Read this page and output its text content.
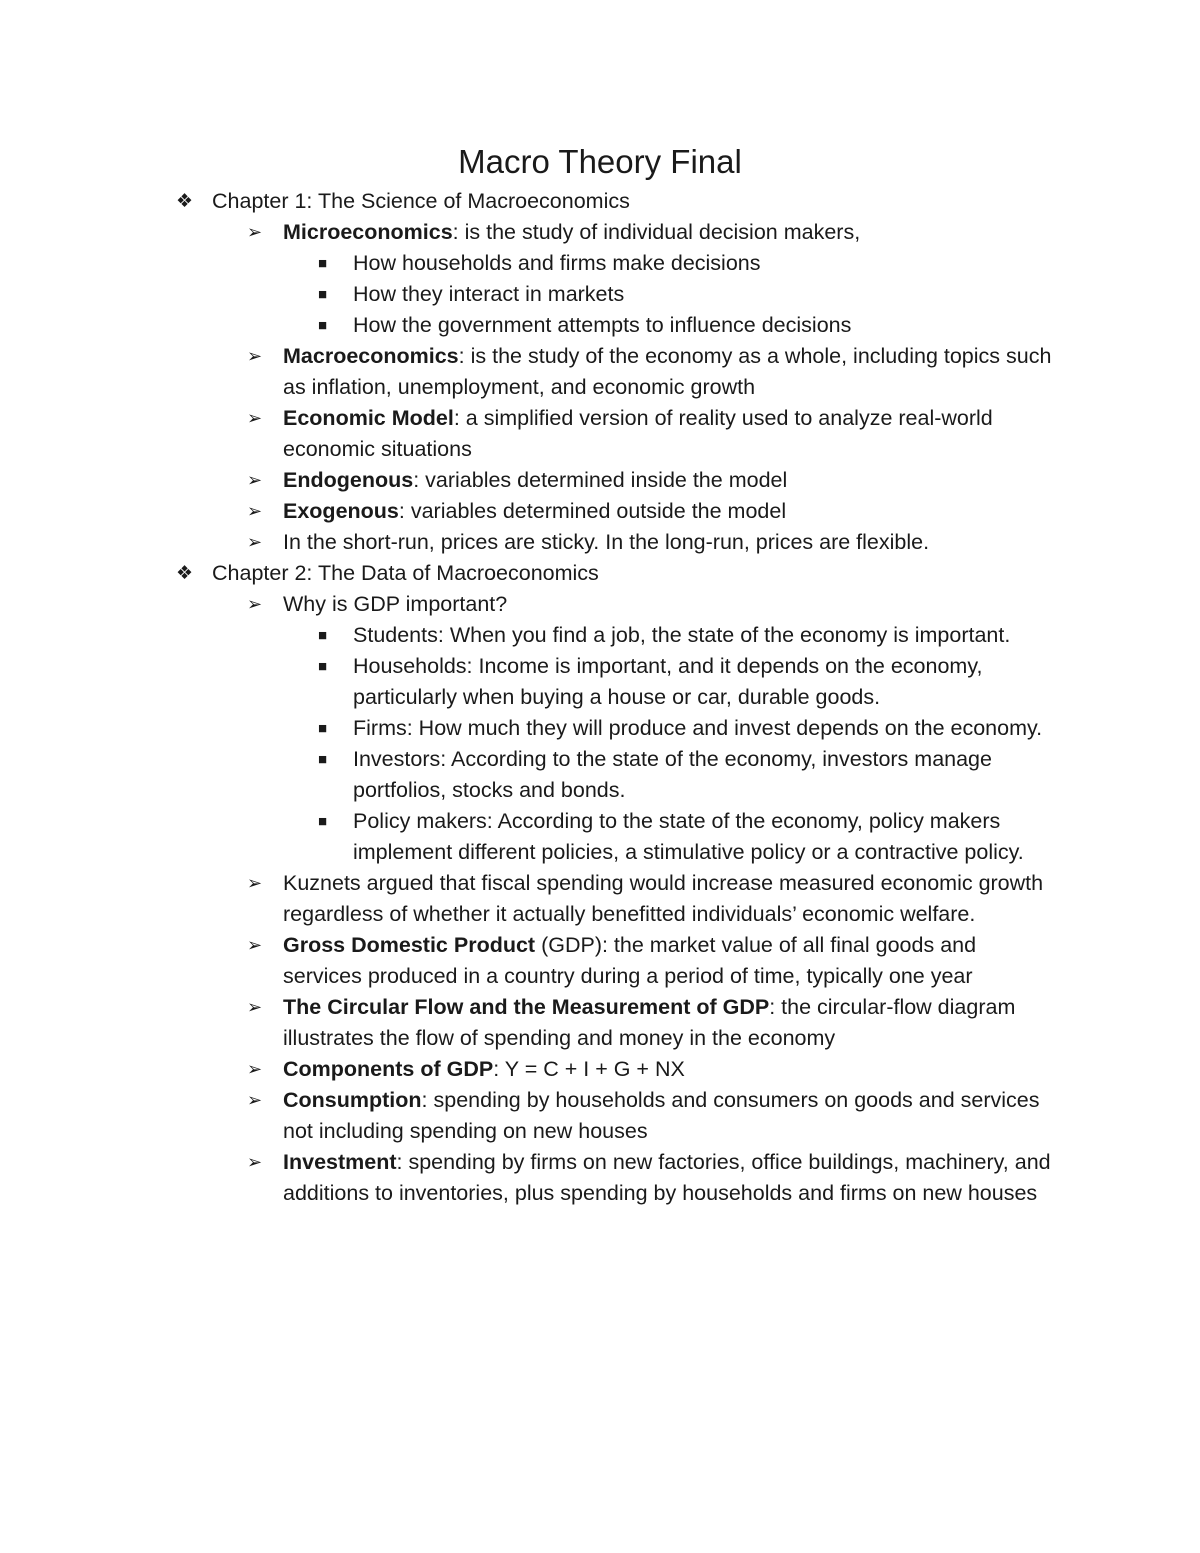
Macro Theory Final
❖ Chapter 1: The Science of Macroeconomics
➢ Microeconomics: is the study of individual decision makers,
■ How households and firms make decisions
■ How they interact in markets
■ How the government attempts to influence decisions
➢ Macroeconomics: is the study of the economy as a whole, including topics such as inflation, unemployment, and economic growth
➢ Economic Model: a simplified version of reality used to analyze real-world economic situations
➢ Endogenous: variables determined inside the model
➢ Exogenous: variables determined outside the model
➢ In the short-run, prices are sticky. In the long-run, prices are flexible.
❖ Chapter 2: The Data of Macroeconomics
➢ Why is GDP important?
■ Students: When you find a job, the state of the economy is important.
■ Households: Income is important, and it depends on the economy, particularly when buying a house or car, durable goods.
■ Firms: How much they will produce and invest depends on the economy.
■ Investors: According to the state of the economy, investors manage portfolios, stocks and bonds.
■ Policy makers: According to the state of the economy, policy makers implement different policies, a stimulative policy or a contractive policy.
➢ Kuznets argued that fiscal spending would increase measured economic growth regardless of whether it actually benefitted individuals’ economic welfare.
➢ Gross Domestic Product (GDP): the market value of all final goods and services produced in a country during a period of time, typically one year
➢ The Circular Flow and the Measurement of GDP: the circular-flow diagram illustrates the flow of spending and money in the economy
➢ Components of GDP: Y = C + I + G + NX
➢ Consumption: spending by households and consumers on goods and services not including spending on new houses
➢ Investment: spending by firms on new factories, office buildings, machinery, and additions to inventories, plus spending by households and firms on new houses
